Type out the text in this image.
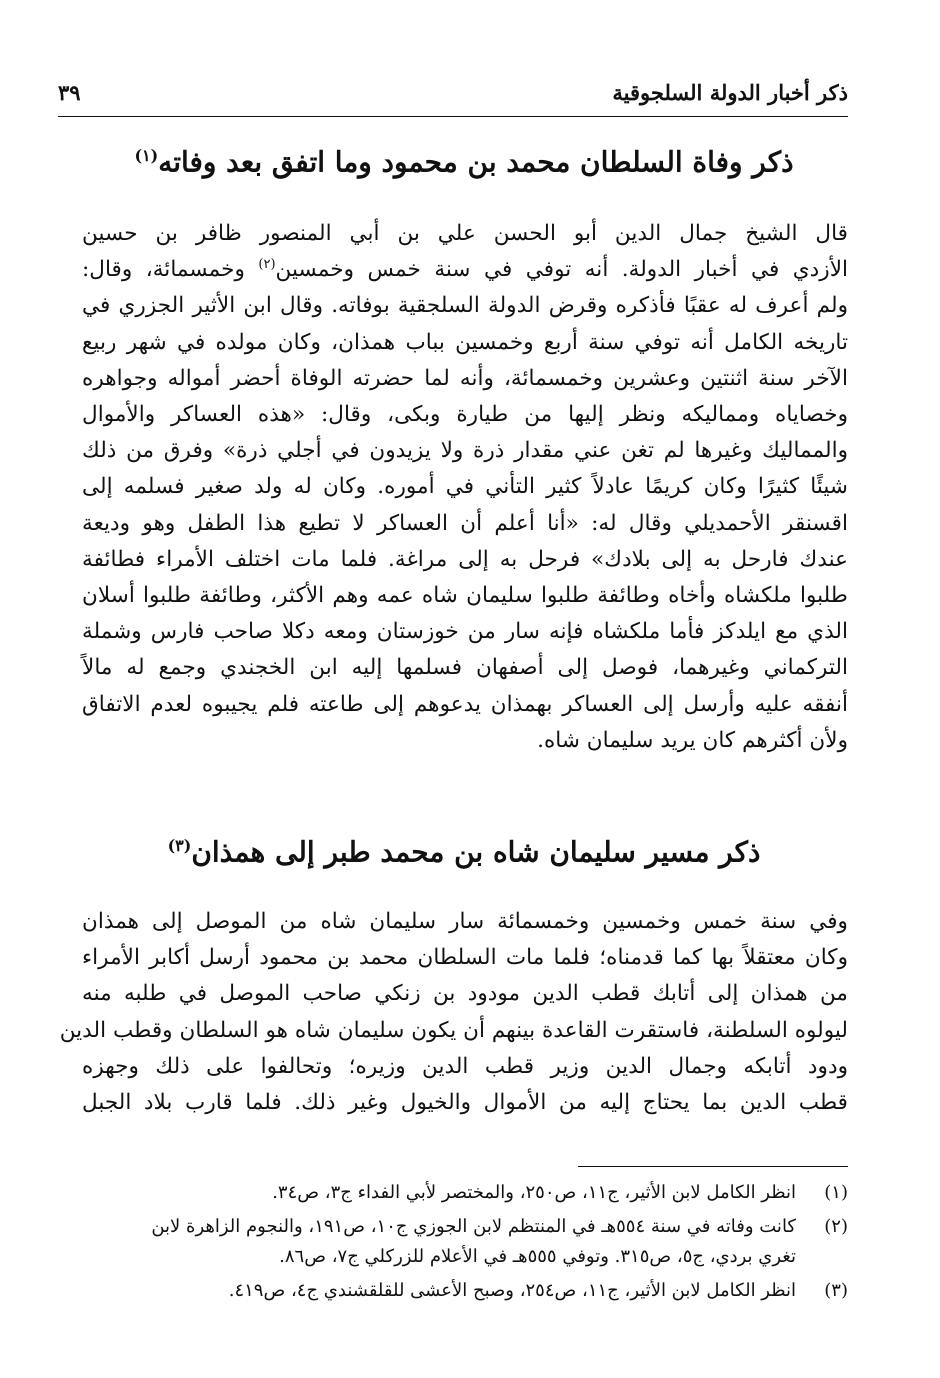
ذكر أخبار الدولة السلجوقية
٣٩
ذكر وفاة السلطان محمد بن محمود وما اتفق بعد وفاته$^{(١)}$
قال الشيخ جمال الدين أبو الحسن علي بن أبي المنصور ظافر بن حسين
الأزدي في أخبار الدولة. أنه توفي في سنة خمس وخمسين$^{(٢)}$ وخمسمائة، وقال:
ولم أعرف له عقبًا فأذكره وقرض الدولة السلجقية بوفاته. وقال ابن الأثير الجزري في
تاريخه الكامل أنه توفي سنة أربع وخمسين بباب همذان، وكان مولده في شهر ربيع
الآخر سنة اثنتين وعشرين وخمسمائة، وأنه لما حضرته الوفاة أحضر أمواله وجواهره
وخصاياه ومماليكه ونظر إليها من طيارة وبكى، وقال: «هذه العساكر والأموال
والمماليك وغيرها لم تغن عني مقدار ذرة ولا يزيدون في أجلي ذرة» وفرق من ذلك
شيئًا كثيرًا وكان كريمًا عادلاً كثير التأني في أموره. وكان له ولد صغير فسلمه إلى
اقسنقر الأحمديلي وقال له: «أنا أعلم أن العساكر لا تطيع هذا الطفل وهو وديعة
عندك فارحل به إلى بلادك» فرحل به إلى مراغة. فلما مات اختلف الأمراء فطائفة
طلبوا ملكشاه وأخاه وطائفة طلبوا سليمان شاه عمه وهم الأكثر، وطائفة طلبوا أسلان
الذي مع ايلدكز فأما ملكشاه فإنه سار من خوزستان ومعه دكلا صاحب فارس وشملة
التركماني وغيرهما، فوصل إلى أصفهان فسلمها إليه ابن الخجندي وجمع له مالاً
أنفقه عليه وأرسل إلى العساكر بهمذان يدعوهم إلى طاعته فلم يجيبوه لعدم الاتفاق
ولأن أكثرهم كان يريد سليمان شاه.
ذكر مسير سليمان شاه بن محمد طبر إلى همذان$^{(٣)}$
وفي سنة خمس وخمسين وخمسمائة سار سليمان شاه من الموصل إلى همذان
وكان معتقلاً بها كما قدمناه؛ فلما مات السلطان محمد بن محمود أرسل أكابر الأمراء
من همذان إلى أتابك قطب الدين مودود بن زنكي صاحب الموصل في طلبه منه
ليولوه السلطنة، فاستقرت القاعدة بينهم أن يكون سليمان شاه هو السلطان وقطب الدين
ودود أتابكه وجمال الدين وزير قطب الدين وزيره؛ وتحالفوا على ذلك وجهزه
قطب الدين بما يحتاج إليه من الأموال والخيول وغير ذلك. فلما قارب بلاد الجبل
(١)
انظر الكامل لابن الأثير، ج١١، ص٢٥٠، والمختصر لأبي الفداء ج٣، ص٣٤.
(٢)
كانت وفاته في سنة ٥٥٤هـ في المنتظم لابن الجوزي ج١٠، ص١٩١، والنجوم الزاهرة لابن
تغري بردي، ج٥، ص٣١٥. وتوفي ٥٥٥هـ في الأعلام للزركلي ج٧، ص٨٦.
(٣)
انظر الكامل لابن الأثير، ج١١، ص٢٥٤، وصبح الأعشى للقلقشندي ج٤، ص٤١٩.
